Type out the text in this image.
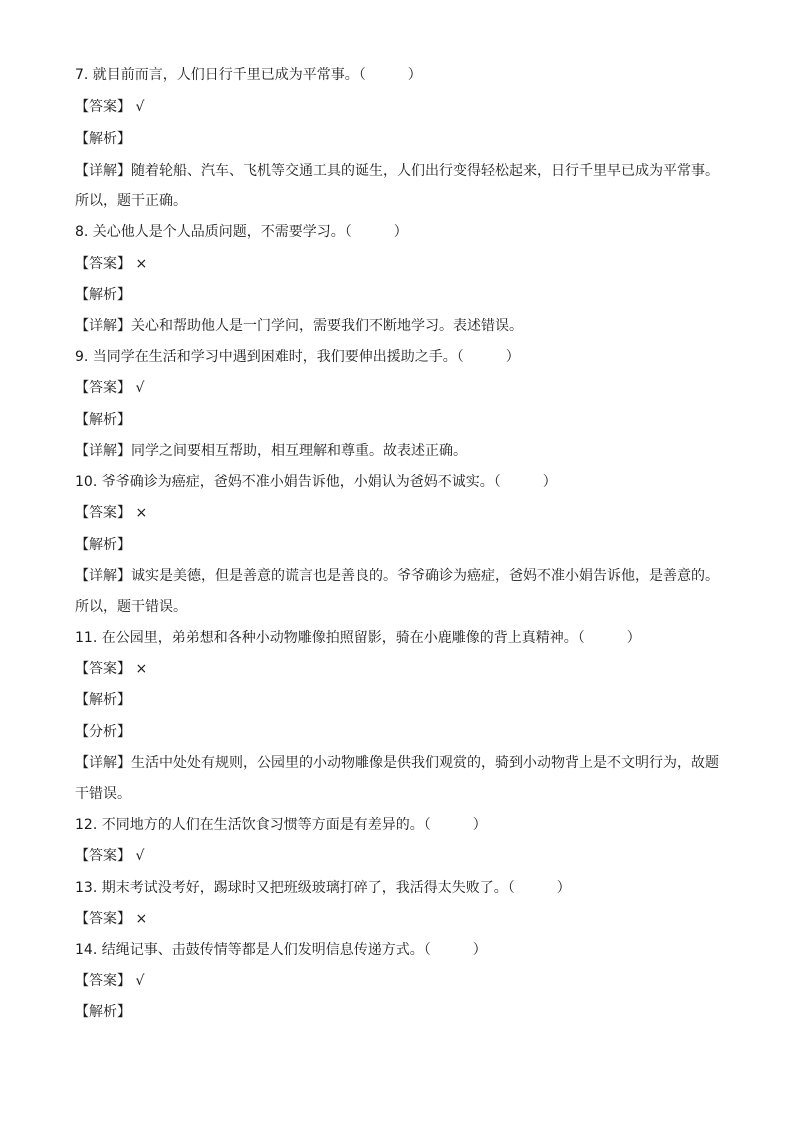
7. 就目前而言，人们日行千里已成为平常事。（　　　）
【答案】 √
【解析】
【详解】随着轮船、汽车、飞机等交通工具的诞生，人们出行变得轻松起来，日行千里早已成为平常事。
所以，题干正确。
8. 关心他人是个人品质问题，不需要学习。（　　　）
【答案】 ×
【解析】
【详解】关心和帮助他人是一门学问，需要我们不断地学习。表述错误。
9. 当同学在生活和学习中遇到困难时，我们要伸出援助之手。（　　　）
【答案】 √
【解析】
【详解】同学之间要相互帮助，相互理解和尊重。故表述正确。
10. 爷爷确诊为癌症，爸妈不准小娟告诉他，小娟认为爸妈不诚实。（　　　）
【答案】 ×
【解析】
【详解】诚实是美德，但是善意的谎言也是善良的。爷爷确诊为癌症，爸妈不准小娟告诉他，是善意的。
所以，题干错误。
11. 在公园里，弟弟想和各种小动物雕像拍照留影，骑在小鹿雕像的背上真精神。（　　　）
【答案】 ×
【解析】
【分析】
【详解】生活中处处有规则，公园里的小动物雕像是供我们观赏的，骑到小动物背上是不文明行为，故题
干错误。
12. 不同地方的人们在生活饮食习惯等方面是有差异的。（　　　）
【答案】 √
13. 期末考试没考好，踢球时又把班级玻璃打碎了，我活得太失败了。（　　　）
【答案】 ×
14. 结绳记事、击鼓传情等都是人们发明信息传递方式。（　　　）
【答案】 √
【解析】
